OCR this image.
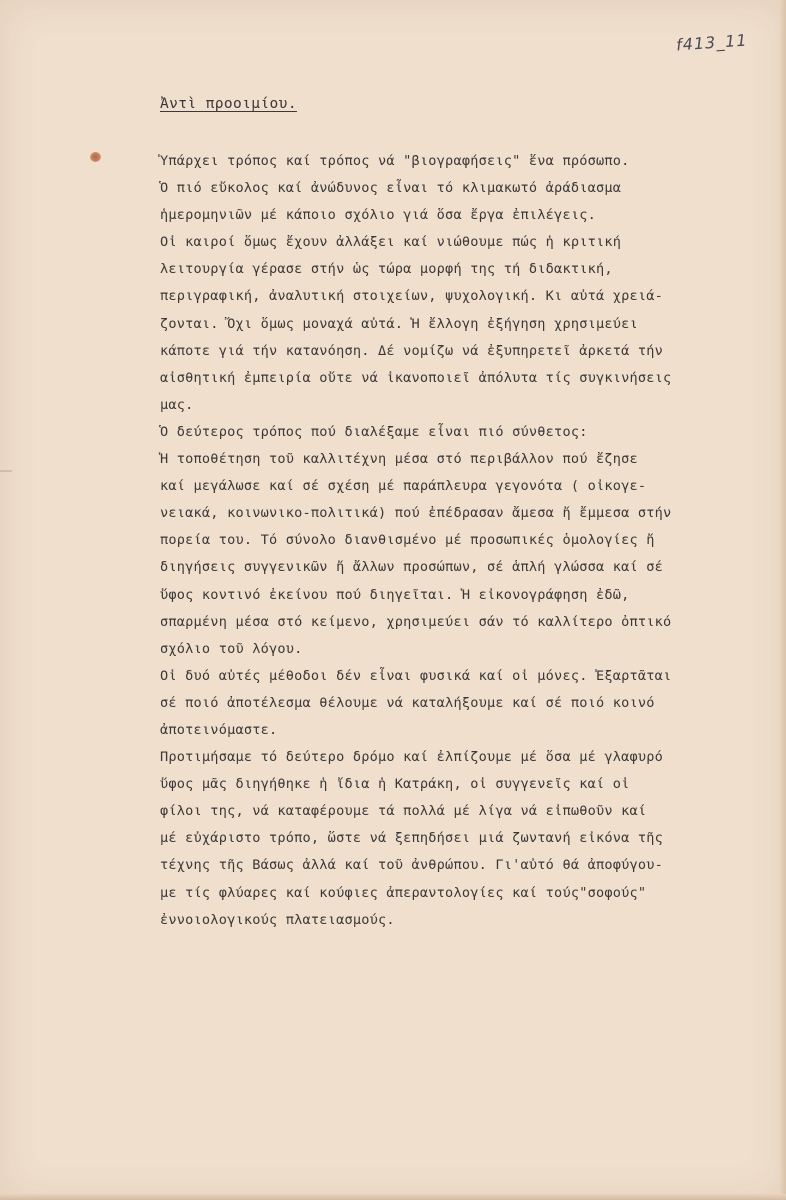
f413_11
Ἀντὶ προοιμίου.
Ὑπάρχει τρόπος καί τρόπος νά "βιογραφήσεις" ἕνα πρόσωπο.
Ὁ πιό εὔκολος καί ἀνώδυνος εἶναι τό κλιμακωτό ἀράδιασμα
ἡμερομηνιῶν μέ κάποιο σχόλιο γιά ὅσα ἔργα ἐπιλέγεις.
Οἱ καιροί ὅμως ἔχουν ἀλλάξει καί νιώθουμε πώς ἡ κριτική
λειτουργία γέρασε στήν ὡς τώρα μορφή της τή διδακτική,
περιγραφική, ἀναλυτική στοιχείων, ψυχολογική. Κι αὐτά χρειά-
ζονται. Ὄχι ὅμως μοναχά αὐτά. Ἡ ἔλλογη ἐξήγηση χρησιμεύει
κάποτε γιά τήν κατανόηση. Δέ νομίζω νά ἐξυπηρετεῖ ἀρκετά τήν
αἰσθητική ἐμπειρία οὔτε νά ἱκανοποιεῖ ἀπόλυτα τίς συγκινήσεις
μας.
Ὁ δεύτερος τρόπος πού διαλέξαμε εἶναι πιό σύνθετος:
Ἡ τοποθέτηση τοῦ καλλιτέχνη μέσα στό περιβάλλον πού ἔζησε
καί μεγάλωσε καί σέ σχέση μέ παράπλευρα γεγονότα ( οἰκογε-
νειακά, κοινωνικο-πολιτικά) πού ἐπέδρασαν ἄμεσα ἤ ἔμμεσα στήν
πορεία του. Τό σύνολο διανθισμένο μέ προσωπικές ὁμολογίες ἤ
διηγήσεις συγγενικῶν ἤ ἄλλων προσώπων, σέ ἁπλή γλώσσα καί σέ
ὕφος κοντινό ἐκείνου πού διηγεῖται. Ἡ εἰκονογράφηση ἐδῶ,
σπαρμένη μέσα στό κείμενο, χρησιμεύει σάν τό καλλίτερο ὀπτικό
σχόλιο τοῦ λόγου.
Οἱ δυό αὐτές μέθοδοι δέν εἶναι φυσικά καί οἱ μόνες. Ἐξαρτᾶται
σέ ποιό ἀποτέλεσμα θέλουμε νά καταλήξουμε καί σέ ποιό κοινό
ἀποτεινόμαστε.
Προτιμήσαμε τό δεύτερο δρόμο καί ἐλπίζουμε μέ ὅσα μέ γλαφυρό
ὕφος μᾶς διηγήθηκε ἡ ἴδια ἡ Κατράκη, οἱ συγγενεῖς καί οἱ
φίλοι της, νά καταφέρουμε τά πολλά μέ λίγα νά εἰπωθοῦν καί
μέ εὐχάριστο τρόπο, ὥστε νά ξεπηδήσει μιά ζωντανή εἰκόνα τῆς
τέχνης τῆς Βάσως ἀλλά καί τοῦ ἀνθρώπου. Γι'αὐτό θά ἀποφύγου-
με τίς φλύαρες καί κούφιες ἀπεραντολογίες καί τούς"σοφούς"
ἐννοιολογικούς πλατειασμούς.
